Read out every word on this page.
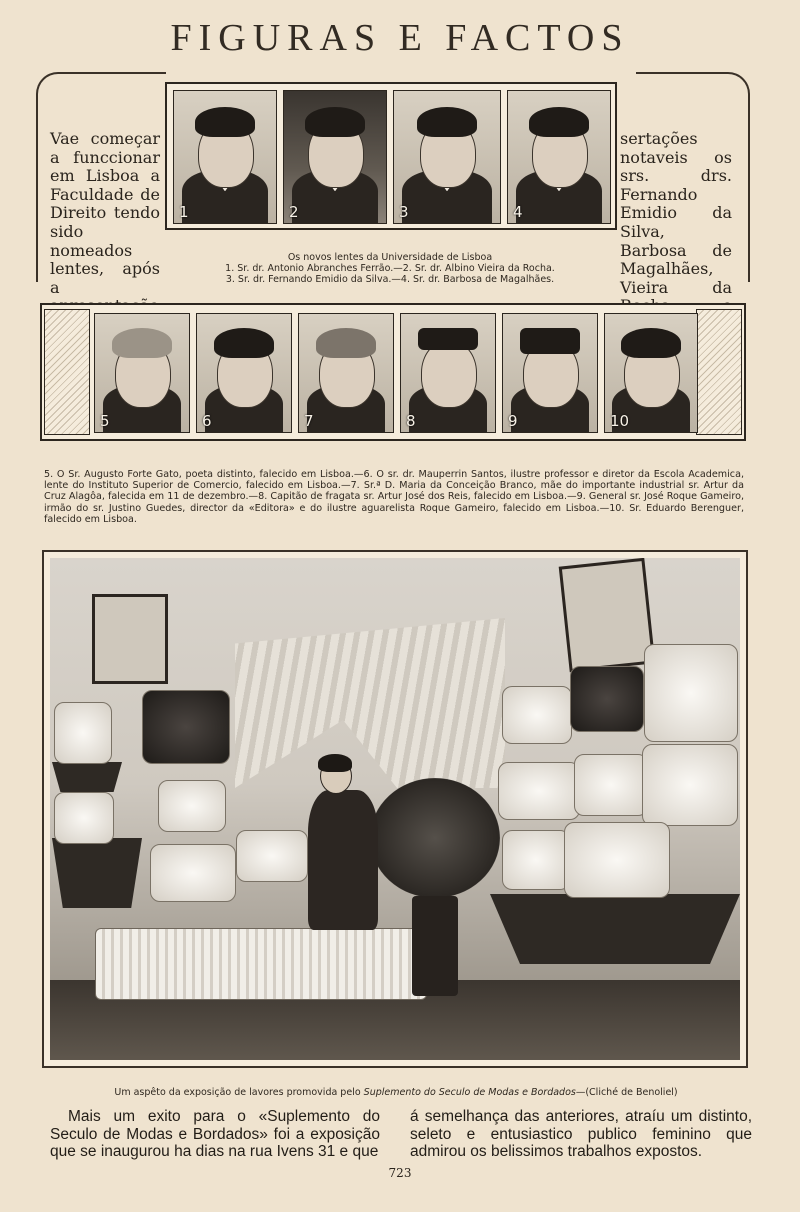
FIGURAS E FACTOS
Vae começar a funccionar em Lisboa a Faculdade de Direito tendo sido nomeados lentes, após a
sertações notaveis os srs. drs. Fernando Emidio da Silva, Barbosa de Magalhães, Vieira da
1	2	3	4
Os novos lentes da Universidade de Lisboa
1. Sr. dr. Antonio Abranches Ferrão.—2. Sr. dr. Albino Vieira da Rocha.
3. Sr. dr. Fernando Emidio da Silva.—4. Sr. dr. Barbosa de Magalhães.
5	6	7	8	9	10
5. O Sr. Augusto Forte Gato, poeta distinto, falecido em Lisboa.—6. O sr. dr. Mauperrin Santos, ilustre professor e diretor da Escola Academica, lente do Instituto Superior de Comercio, falecido em Lisboa.—7. Sr.ª D. Maria da Conceição Branco, mãe do importante industrial sr. Artur da Cruz Alagôa, falecida em 11 de dezembro.—8. Capitão de fragata sr. Artur José dos Reis, falecido em Lisboa.—9. General sr. José Roque Gameiro, irmão do sr. Justino Guedes, director da «Editora» e do ilustre aguarelista Roque Gameiro, falecido em Lisboa.—10. Sr. Eduardo Berenguer, falecido em Lisboa.
Um aspêto da exposição de lavores promovida pelo Suplemento do Seculo de Modas e Bordados—(Cliché de Benoliel)
Mais um exito para o «Suplemento do Seculo de Modas e Bordados» foi a exposição que se inaugurou ha dias na rua Ivens 31 e que
á semelhança das anteriores, atraíu um distinto, seleto e entusiastico publico feminino que admirou os belissimos trabalhos expostos.
723
